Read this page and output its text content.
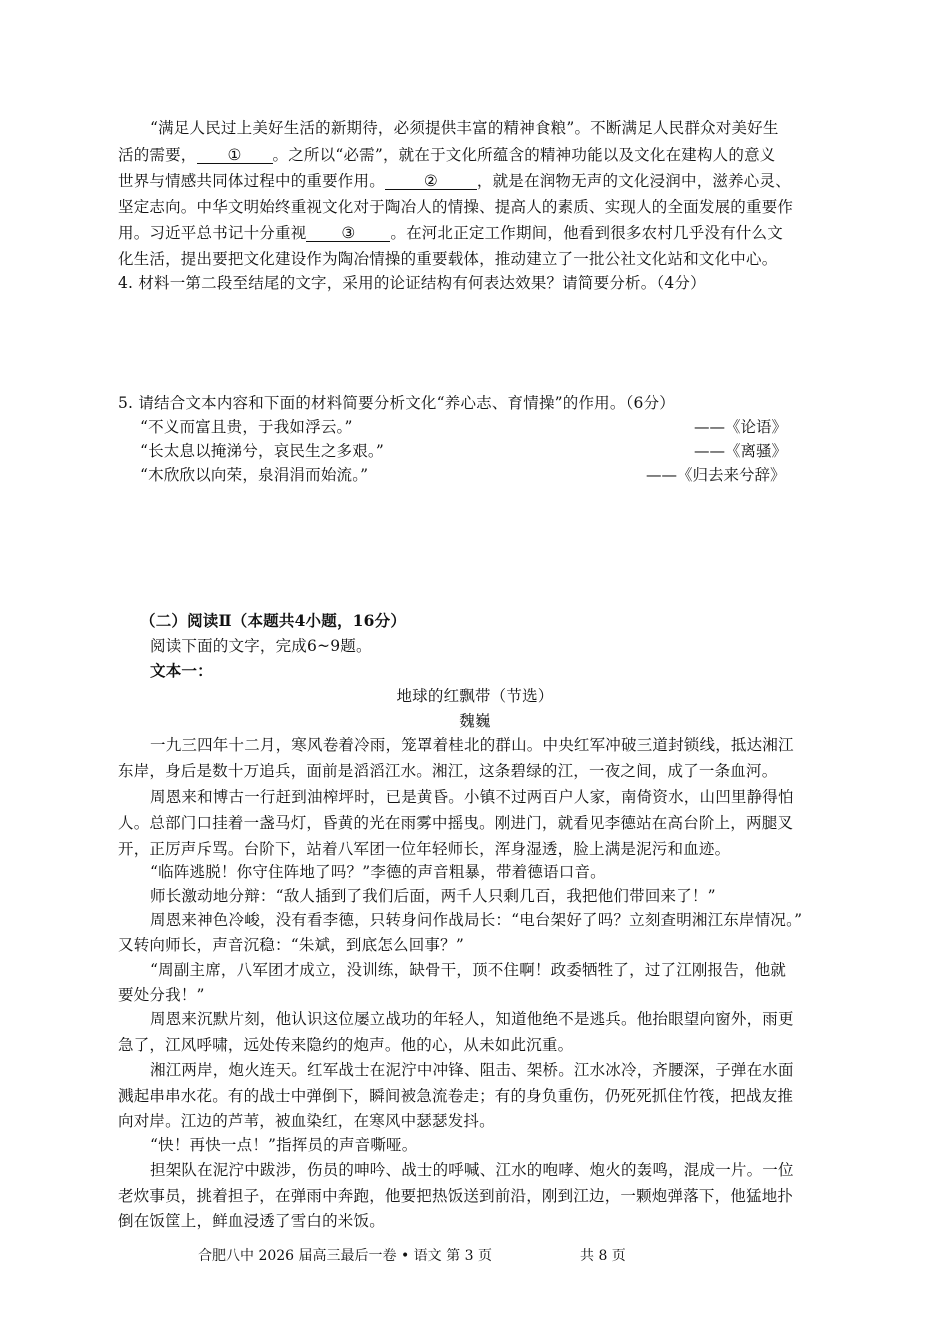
“满足人民过上美好生活的新期待，必须提供丰富的精神食粮”。不断满足人民群众对美好生
活的需要， ① 。之所以“必需”，就在于文化所蕴含的精神功能以及文化在建构人的意义
世界与情感共同体过程中的重要作用。	②	，就是在润物无声的文化浸润中，滋养心灵、
坚定志向。中华文明始终重视文化对于陶冶人的情操、提高人的素质、实现人的全面发展的重要作
用。习近平总书记十分重视 ③ 。在河北正定工作期间，他看到很多农村几乎没有什么文
化生活，提出要把文化建设作为陶冶情操的重要载体，推动建立了一批公社文化站和文化中心。
4. 材料一第二段至结尾的文字，采用的论证结构有何表达效果？请简要分析。（4分）
5. 请结合文本内容和下面的材料简要分析文化“养心志、育情操”的作用。（6分）
“不义而富且贵，于我如浮云。”	——《论语》
“长太息以掩涕兮，哀民生之多艰。”	——《离骚》
“木欣欣以向荣，泉涓涓而始流。”	——《归去来兮辞》
（二）阅读Ⅱ（本题共4小题，16分）
阅读下面的文字，完成6~9题。
文本一：
地球的红飘带（节选）
魏巍
一九三四年十二月，寒风卷着冷雨，笼罩着桂北的群山。中央红军冲破三道封锁线，抵达湘江
东岸，身后是数十万追兵，面前是滔滔江水。湘江，这条碧绿的江，一夜之间，成了一条血河。
周恩来和博古一行赶到油榨坪时，已是黄昏。小镇不过两百户人家，南倚资水，山凹里静得怕
人。总部门口挂着一盏马灯，昏黄的光在雨雾中摇曳。刚进门，就看见李德站在高台阶上，两腿叉
开，正厉声斥骂。台阶下，站着八军团一位年轻师长，浑身湿透，脸上满是泥污和血迹。
“临阵逃脱！你守住阵地了吗？”李德的声音粗暴，带着德语口音。
师长激动地分辩：“敌人插到了我们后面，两千人只剩几百，我把他们带回来了！”
周恩来神色冷峻，没有看李德，只转身问作战局长：“电台架好了吗？立刻查明湘江东岸情况。”
又转向师长，声音沉稳：“朱斌，到底怎么回事？”
“周副主席，八军团才成立，没训练，缺骨干，顶不住啊！政委牺牲了，过了江刚报告，他就
要处分我！”
周恩来沉默片刻，他认识这位屡立战功的年轻人，知道他绝不是逃兵。他抬眼望向窗外，雨更
急了，江风呼啸，远处传来隐约的炮声。他的心，从未如此沉重。
湘江两岸，炮火连天。红军战士在泥泞中冲锋、阻击、架桥。江水冰冷，齐腰深，子弹在水面
溅起串串水花。有的战士中弹倒下，瞬间被急流卷走；有的身负重伤，仍死死抓住竹筏，把战友推
向对岸。江边的芦苇，被血染红，在寒风中瑟瑟发抖。
“快！再快一点！”指挥员的声音嘶哑。
担架队在泥泞中跋涉，伤员的呻吟、战士的呼喊、江水的咆哮、炮火的轰鸣，混成一片。一位
老炊事员，挑着担子，在弹雨中奔跑，他要把热饭送到前沿，刚到江边，一颗炮弹落下，他猛地扑
倒在饭筐上，鲜血浸透了雪白的米饭。
合肥八中 2026 届高三最后一卷 • 语文 第 3 页	共 8 页
